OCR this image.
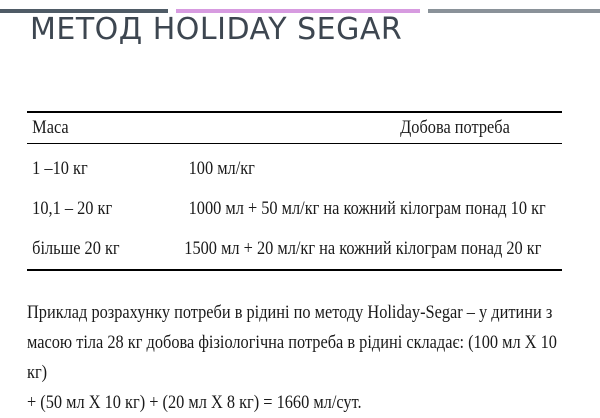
МЕТОД HOLIDAY SEGAR
Маса	Добова потреба
1 –10 кг	100 мл/кг
10,1 – 20 кг	1000 мл + 50 мл/кг на кожний кілограм понад 10 кг
більше 20 кг	1500 мл + 20 мл/кг на кожний кілограм понад 20 кг

Приклад розрахунку потреби в рідині по методу Holiday-Segar – у дитини з
масою тіла 28 кг добова фізіологічна потреба в рідині складає: (100 мл Х 10 кг)
+ (50 мл Х 10 кг) + (20 мл Х 8 кг) = 1660 мл/сут.
